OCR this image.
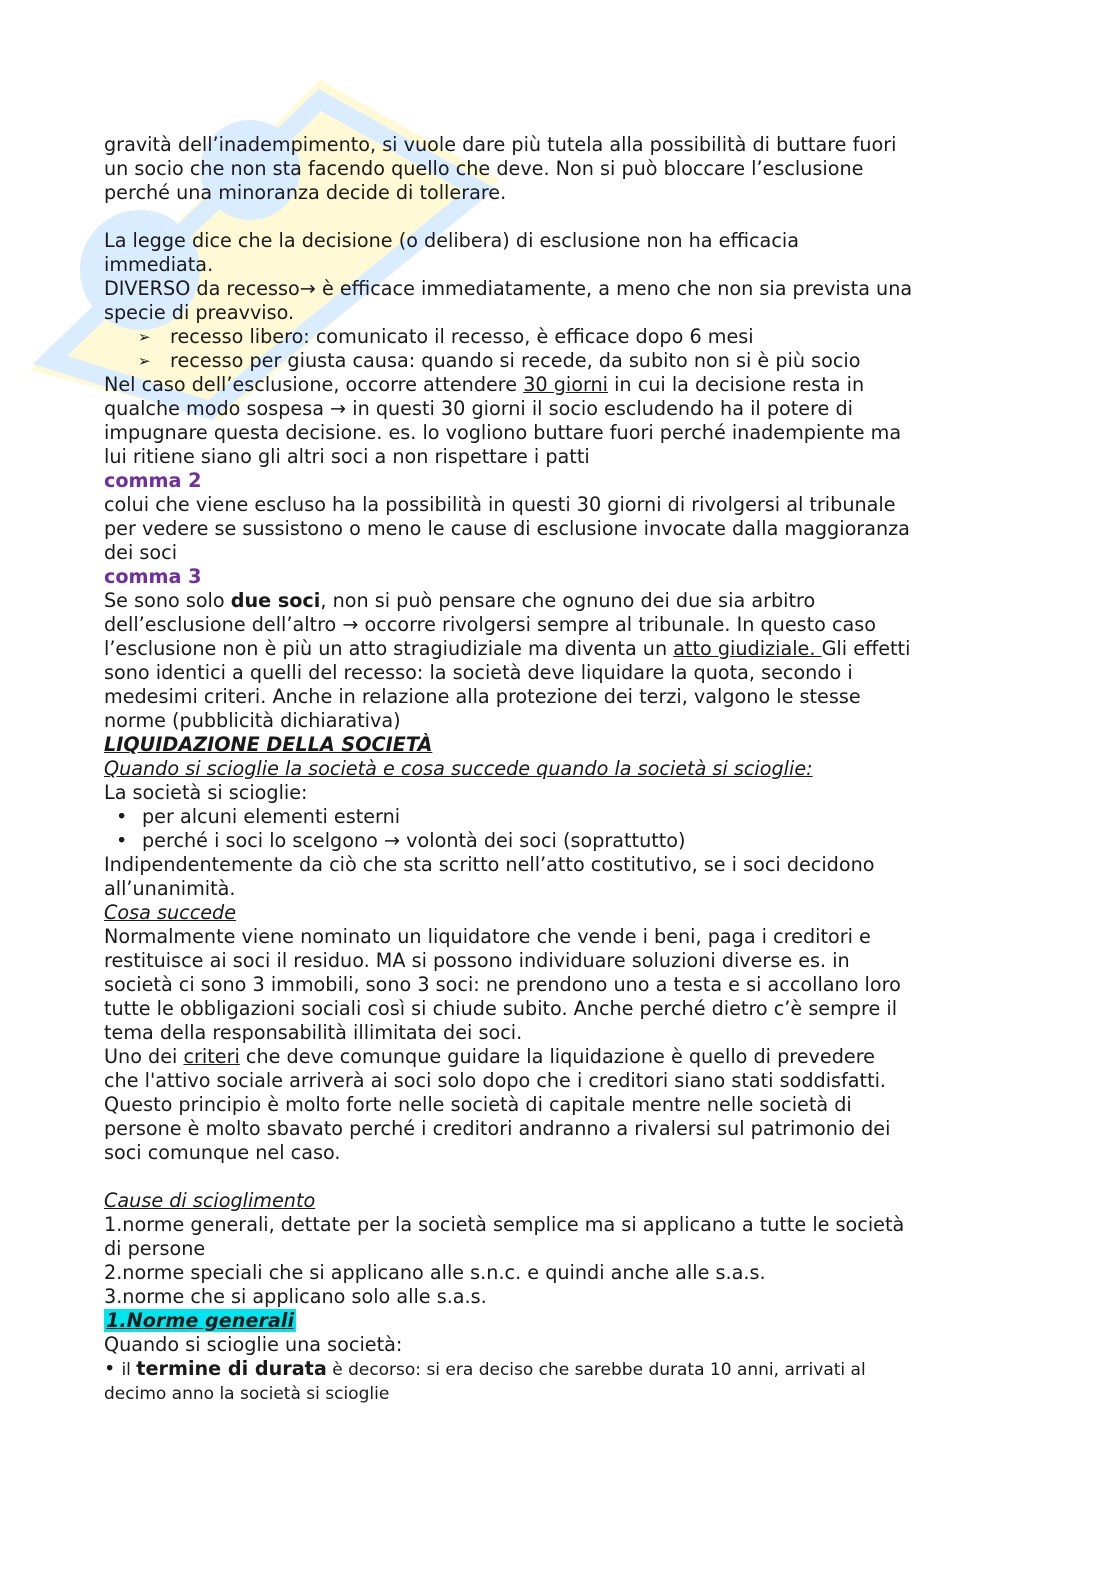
gravità dell’inadempimento, si vuole dare più tutela alla possibilità di buttare fuori
un socio che non sta facendo quello che deve. Non si può bloccare l’esclusione
perché una minoranza decide di tollerare.
La legge dice che la decisione (o delibera) di esclusione non ha efficacia
immediata.
DIVERSO da recesso→ è efficace immediatamente, a meno che non sia prevista una
specie di preavviso.
➢ recesso libero: comunicato il recesso, è efficace dopo 6 mesi
➢ recesso per giusta causa: quando si recede, da subito non si è più socio
Nel caso dell’esclusione, occorre attendere 30 giorni in cui la decisione resta in
qualche modo sospesa → in questi 30 giorni il socio escludendo ha il potere di
impugnare questa decisione. es. lo vogliono buttare fuori perché inadempiente ma
lui ritiene siano gli altri soci a non rispettare i patti
comma 2
colui che viene escluso ha la possibilità in questi 30 giorni di rivolgersi al tribunale
per vedere se sussistono o meno le cause di esclusione invocate dalla maggioranza
dei soci
comma 3
Se sono solo due soci, non si può pensare che ognuno dei due sia arbitro
dell’esclusione dell’altro → occorre rivolgersi sempre al tribunale. In questo caso
l’esclusione non è più un atto stragiudiziale ma diventa un atto giudiziale. Gli effetti
sono identici a quelli del recesso: la società deve liquidare la quota, secondo i
medesimi criteri. Anche in relazione alla protezione dei terzi, valgono le stesse
norme (pubblicità dichiarativa)
LIQUIDAZIONE DELLA SOCIETÀ
Quando si scioglie la società e cosa succede quando la società si scioglie:
La società si scioglie:
• per alcuni elementi esterni
• perché i soci lo scelgono → volontà dei soci (soprattutto)
Indipendentemente da ciò che sta scritto nell’atto costitutivo, se i soci decidono
all’unanimità.
Cosa succede
Normalmente viene nominato un liquidatore che vende i beni, paga i creditori e
restituisce ai soci il residuo. MA si possono individuare soluzioni diverse es. in
società ci sono 3 immobili, sono 3 soci: ne prendono uno a testa e si accollano loro
tutte le obbligazioni sociali così si chiude subito. Anche perché dietro c’è sempre il
tema della responsabilità illimitata dei soci.
Uno dei criteri che deve comunque guidare la liquidazione è quello di prevedere
che l'attivo sociale arriverà ai soci solo dopo che i creditori siano stati soddisfatti.
Questo principio è molto forte nelle società di capitale mentre nelle società di
persone è molto sbavato perché i creditori andranno a rivalersi sul patrimonio dei
soci comunque nel caso.
Cause di scioglimento
1.norme generali, dettate per la società semplice ma si applicano a tutte le società
di persone
2.norme speciali che si applicano alle s.n.c. e quindi anche alle s.a.s.
3.norme che si applicano solo alle s.a.s.
1.Norme generali
Quando si scioglie una società:
• il termine di durata è decorso: si era deciso che sarebbe durata 10 anni, arrivati al
decimo anno la società si scioglie
